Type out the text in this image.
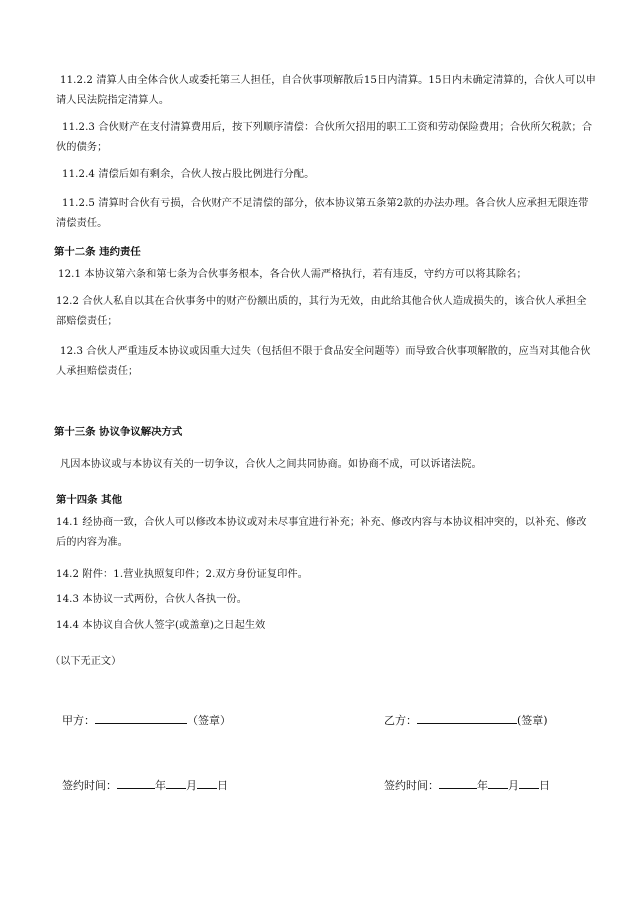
11.2.2 清算人由全体合伙人或委托第三人担任，自合伙事项解散后15日内清算。15日内未确定清算的，合伙人可以申请人民法院指定清算人。

11.2.3 合伙财产在支付清算费用后，按下列顺序清偿：合伙所欠招用的职工工资和劳动保险费用；合伙所欠税款；合伙的债务；

11.2.4 清偿后如有剩余，合伙人按占股比例进行分配。

11.2.5 清算时合伙有亏损，合伙财产不足清偿的部分，依本协议第五条第2款的办法办理。各合伙人应承担无限连带清偿责任。

第十二条 违约责任

12.1 本协议第六条和第七条为合伙事务根本，各合伙人需严格执行，若有违反，守约方可以将其除名；

12.2 合伙人私自以其在合伙事务中的财产份额出质的，其行为无效，由此给其他合伙人造成损失的，该合伙人承担全部赔偿责任；

12.3 合伙人严重违反本协议或因重大过失（包括但不限于食品安全问题等）而导致合伙事项解散的，应当对其他合伙人承担赔偿责任；

第十三条 协议争议解决方式

凡因本协议或与本协议有关的一切争议，合伙人之间共同协商。如协商不成，可以诉诸法院。

第十四条 其他

14.1 经协商一致，合伙人可以修改本协议或对未尽事宜进行补充；补充、修改内容与本协议相冲突的，以补充、修改后的内容为准。

14.2 附件：1.营业执照复印件；2.双方身份证复印件。

14.3 本协议一式两份，合伙人各执一份。

14.4 本协议自合伙人签字(或盖章)之日起生效

（以下无正文）

甲方：	（签章）	乙方：	(签章)
签约时间：	年 月 日	签约时间：	年 月 日
